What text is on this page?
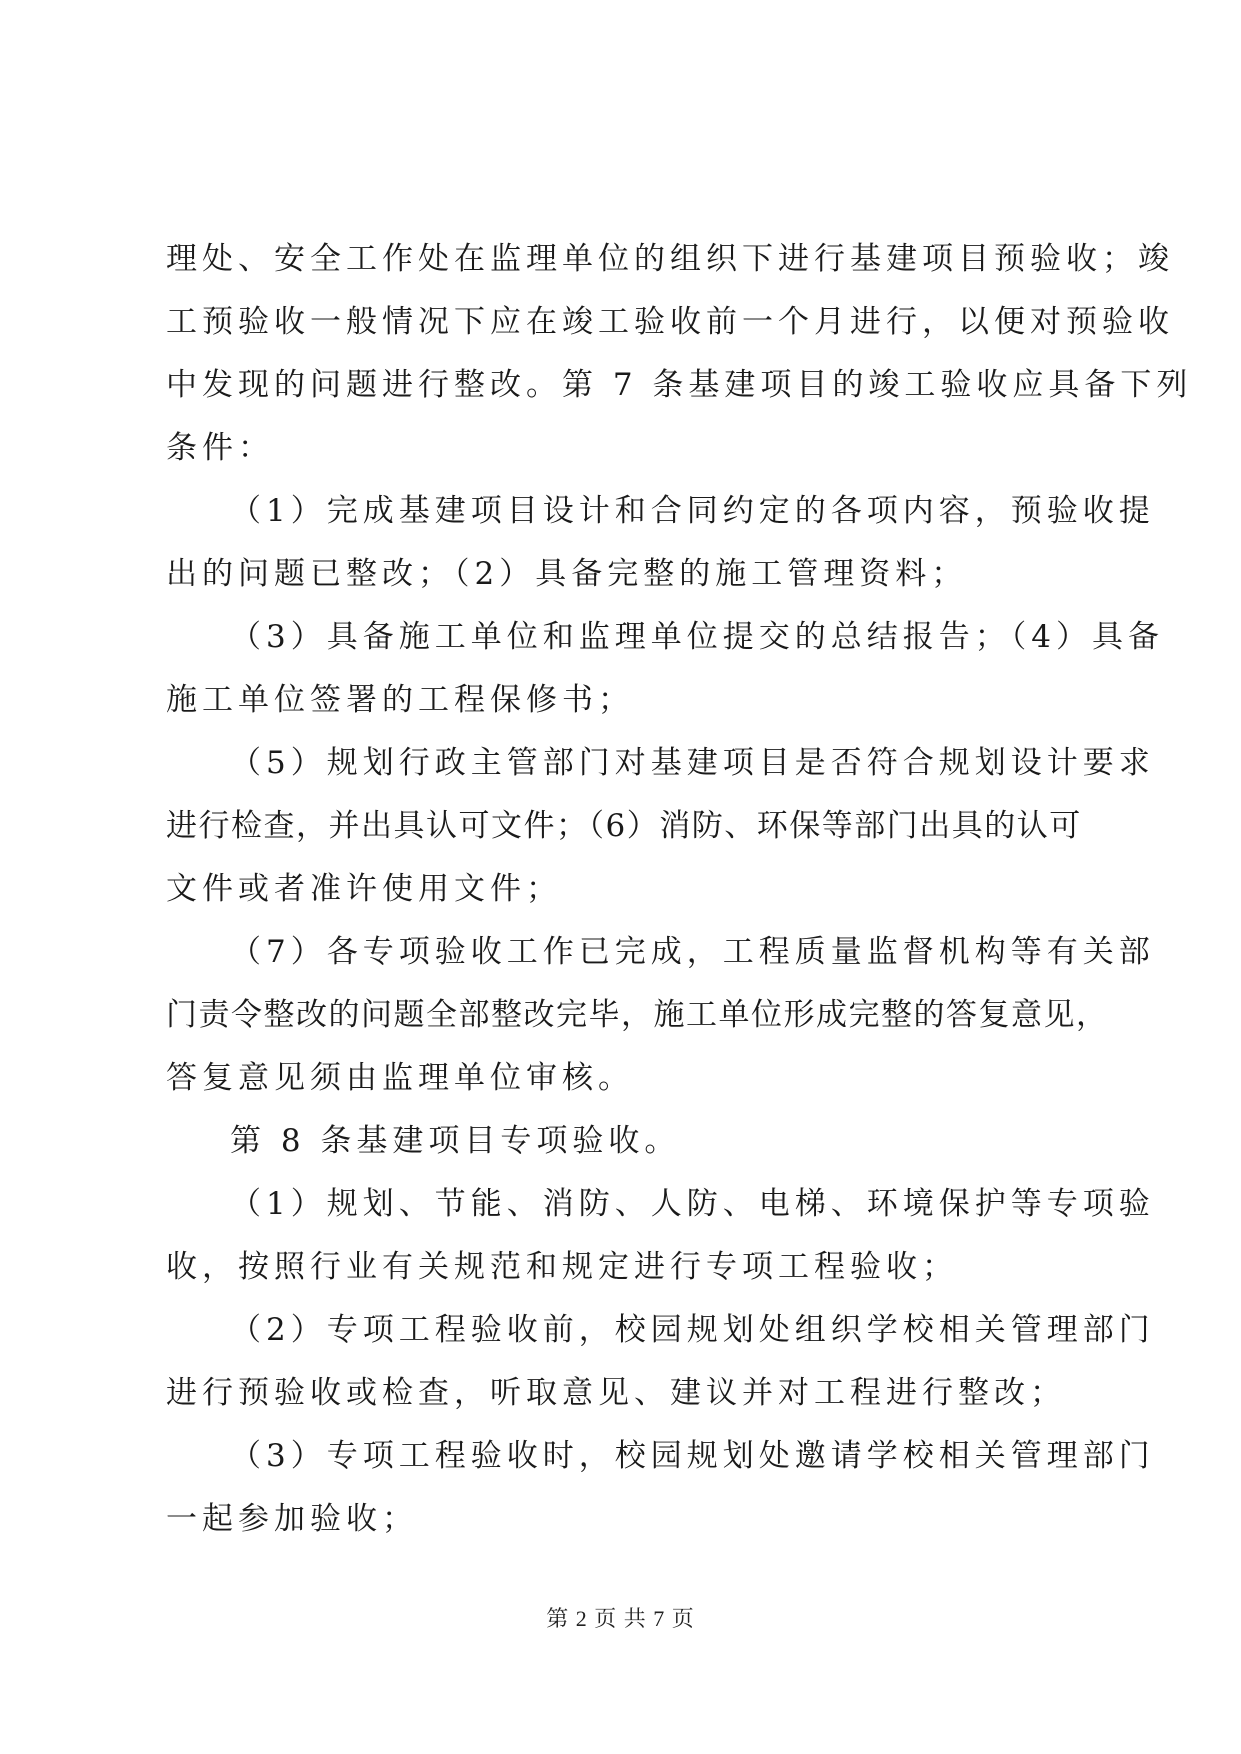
理处、安全工作处在监理单位的组织下进行基建项目预验收；竣
工预验收一般情况下应在竣工验收前一个月进行，以便对预验收
中发现的问题进行整改。第 7 条基建项目的竣工验收应具备下列
条件：
（1）完成基建项目设计和合同约定的各项内容，预验收提
出的问题已整改；（2）具备完整的施工管理资料；
（3）具备施工单位和监理单位提交的总结报告；（4）具备
施工单位签署的工程保修书；
（5）规划行政主管部门对基建项目是否符合规划设计要求
进行检查，并出具认可文件；（6）消防、环保等部门出具的认可
文件或者准许使用文件；
（7）各专项验收工作已完成，工程质量监督机构等有关部
门责令整改的问题全部整改完毕，施工单位形成完整的答复意见，
答复意见须由监理单位审核。
第 8 条基建项目专项验收。
（1）规划、节能、消防、人防、电梯、环境保护等专项验
收，按照行业有关规范和规定进行专项工程验收；
（2）专项工程验收前，校园规划处组织学校相关管理部门
进行预验收或检查，听取意见、建议并对工程进行整改；
（3）专项工程验收时，校园规划处邀请学校相关管理部门
一起参加验收；
第 2 页 共 7 页
